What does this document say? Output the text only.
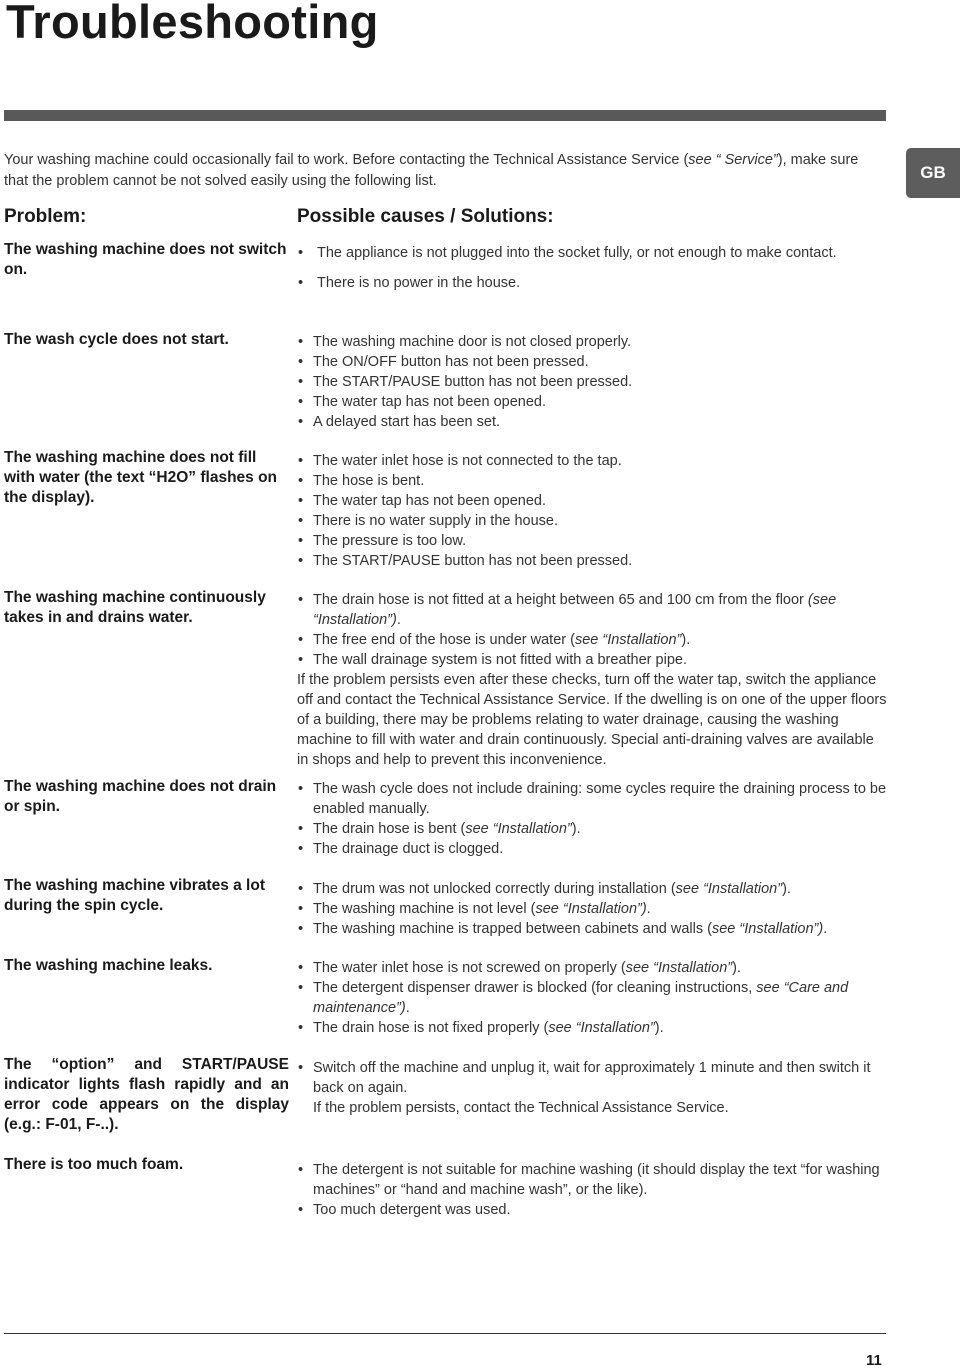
Troubleshooting
GB

Your washing machine could occasionally fail to work. Before contacting the Technical Assistance Service (see “ Service”), make sure that the problem cannot be not solved easily using the following list.

Problem:	Possible causes / Solutions:

The washing machine does not switch on.

• The appliance is not plugged into the socket fully, or not enough to make contact.
• There is no power in the house.

The wash cycle does not start.	• The washing machine door is not closed properly.
• The ON/OFF button has not been pressed.
• The START/PAUSE button has not been pressed.
• The water tap has not been opened.
• A delayed start has been set.

The washing machine does not fill with water (the text “H2O” flashes on the display).

• The water inlet hose is not connected to the tap.
• The hose is bent.
• The water tap has not been opened.
• There is no water supply in the house.
• The pressure is too low.
• The START/PAUSE button has not been pressed.

The washing machine continuously takes in and drains water.

• The drain hose is not fitted at a height between 65 and 100 cm from the floor (see “Installation”).
• The free end of the hose is under water (see “Installation”).
• The wall drainage system is not fitted with a breather pipe.

If the problem persists even after these checks, turn off the water tap, switch the appliance off and contact the Technical Assistance Service. If the dwelling is on one of the upper floors of a building, there may be problems relating to water drainage, causing the washing machine to fill with water and drain continuously. Special anti-draining valves are available in shops and help to prevent this inconvenience.

The washing machine does not drain or spin.

• The wash cycle does not include draining: some cycles require the draining process to be enabled manually.
• The drain hose is bent (see “Installation”).
• The drainage duct is clogged.

The washing machine vibrates a lot during the spin cycle.

• The drum was not unlocked correctly during installation (see “Installation”).
• The washing machine is not level (see “Installation”).
• The washing machine is trapped between cabinets and walls (see “Installation”).

The washing machine leaks.	• The water inlet hose is not screwed on properly (see “Installation”).
• The detergent dispenser drawer is blocked (for cleaning instructions, see “Care and maintenance”).
• The drain hose is not fixed properly (see “Installation”).

The “option” and START/PAUSE indicator lights flash rapidly and an error code appears on the display (e.g.: F-01, F-..).

• Switch off the machine and unplug it, wait for approximately 1 minute and then switch it back on again.

If the problem persists, contact the Technical Assistance Service.

There is too much foam.	• The detergent is not suitable for machine washing (it should display the text “for washing machines” or “hand and machine wash”, or the like).
• Too much detergent was used.

11
